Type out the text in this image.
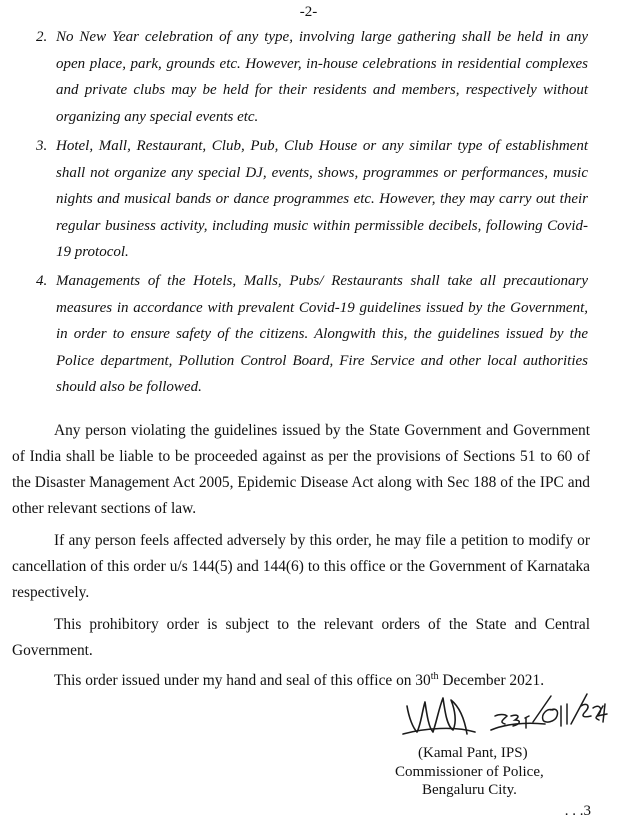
-2-
2. No New Year celebration of any type, involving large gathering shall be held in any open place, park, grounds etc. However, in-house celebrations in residential complexes and private clubs may be held for their residents and members, respectively without organizing any special events etc.
3. Hotel, Mall, Restaurant, Club, Pub, Club House or any similar type of establishment shall not organize any special DJ, events, shows, programmes or performances, music nights and musical bands or dance programmes etc. However, they may carry out their regular business activity, including music within permissible decibels, following Covid-19 protocol.
4. Managements of the Hotels, Malls, Pubs/ Restaurants shall take all precautionary measures in accordance with prevalent Covid-19 guidelines issued by the Government, in order to ensure safety of the citizens. Alongwith this, the guidelines issued by the Police department, Pollution Control Board, Fire Service and other local authorities should also be followed.
Any person violating the guidelines issued by the State Government and Government of India shall be liable to be proceeded against as per the provisions of Sections 51 to 60 of the Disaster Management Act 2005, Epidemic Disease Act along with Sec 188 of the IPC and other relevant sections of law.
If any person feels affected adversely by this order, he may file a petition to modify or cancellation of this order u/s 144(5) and 144(6) to this office or the Government of Karnataka respectively.
This prohibitory order is subject to the relevant orders of the State and Central Government.
This order issued under my hand and seal of this office on 30th December 2021.
(Kamal Pant, IPS)
Commissioner of Police,
Bengaluru City.
. . .3
